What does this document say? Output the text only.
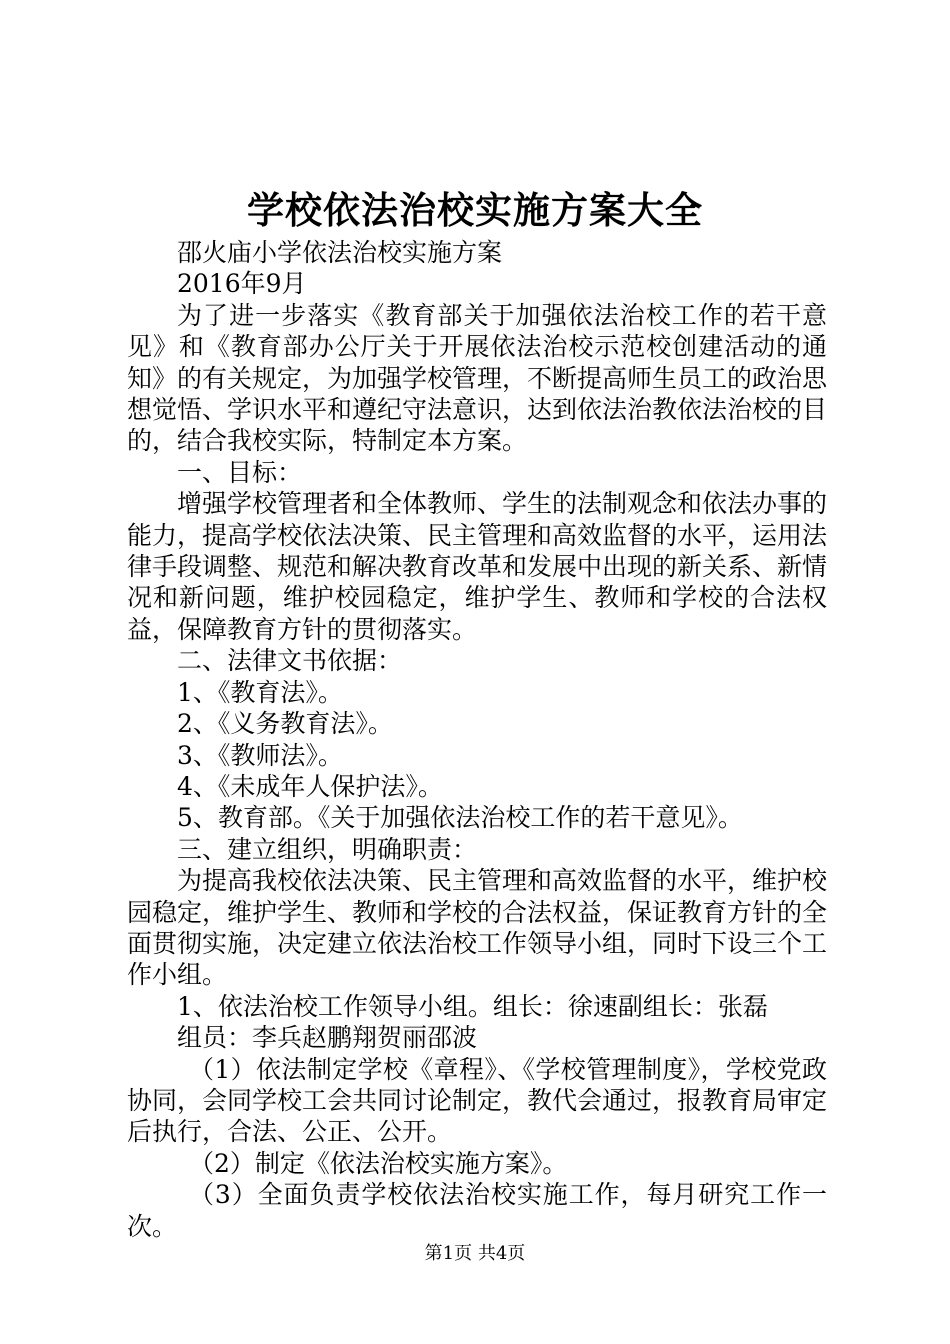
学校依法治校实施方案大全

邵火庙小学依法治校实施方案

2016年9月

为了进一步落实《教育部关于加强依法治校工作的若干意见》和《教育部办公厅关于开展依法治校示范校创建活动的通知》的有关规定，为加强学校管理，不断提高师生员工的政治思想觉悟、学识水平和遵纪守法意识，达到依法治教依法治校的目的，结合我校实际，特制定本方案。

一、目标：

增强学校管理者和全体教师、学生的法制观念和依法办事的能力，提高学校依法决策、民主管理和高效监督的水平，运用法律手段调整、规范和解决教育改革和发展中出现的新关系、新情况和新问题，维护校园稳定，维护学生、教师和学校的合法权益，保障教育方针的贯彻落实。

二、法律文书依据：

1、《教育法》。

2、《义务教育法》。

3、《教师法》。

4、《未成年人保护法》。

5、教育部。《关于加强依法治校工作的若干意见》。

三、建立组织，明确职责：

为提高我校依法决策、民主管理和高效监督的水平，维护校园稳定，维护学生、教师和学校的合法权益，保证教育方针的全面贯彻实施，决定建立依法治校工作领导小组，同时下设三个工作小组。

1、依法治校工作领导小组。组长：徐速副组长：张磊

组员：李兵赵鹏翔贺丽邵波

（1）依法制定学校《章程》、《学校管理制度》，学校党政协同，会同学校工会共同讨论制定，教代会通过，报教育局审定后执行，合法、公正、公开。

（2）制定《依法治校实施方案》。

（3）全面负责学校依法治校实施工作，每月研究工作一次。

第1页 共4页
